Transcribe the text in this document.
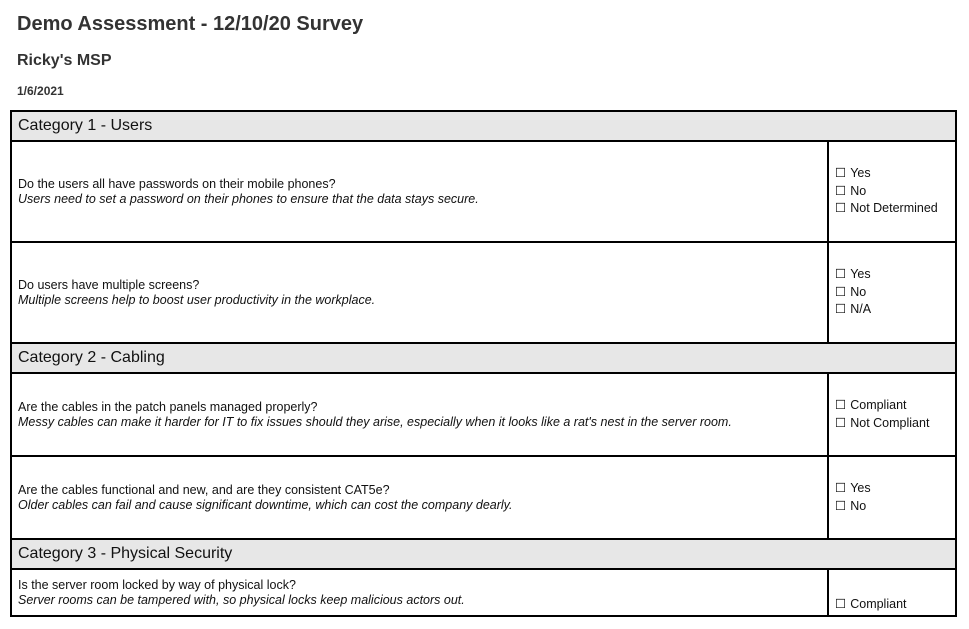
Demo Assessment - 12/10/20 Survey
Ricky's MSP
1/6/2021
Category 1 - Users
Do the users all have passwords on their mobile phones?
Users need to set a password on their phones to ensure that the data stays secure.
☐ Yes
☐ No
☐ Not Determined
Do users have multiple screens?
Multiple screens help to boost user productivity in the workplace.
☐ Yes
☐ No
☐ N/A
Category 2 - Cabling
Are the cables in the patch panels managed properly?
Messy cables can make it harder for IT to fix issues should they arise, especially when it looks like a rat's nest in the server room.
☐ Compliant
☐ Not Compliant
Are the cables functional and new, and are they consistent CAT5e?
Older cables can fail and cause significant downtime, which can cost the company dearly.
☐ Yes
☐ No
Category 3 - Physical Security
Is the server room locked by way of physical lock?
Server rooms can be tampered with, so physical locks keep malicious actors out.	☐ Compliant
